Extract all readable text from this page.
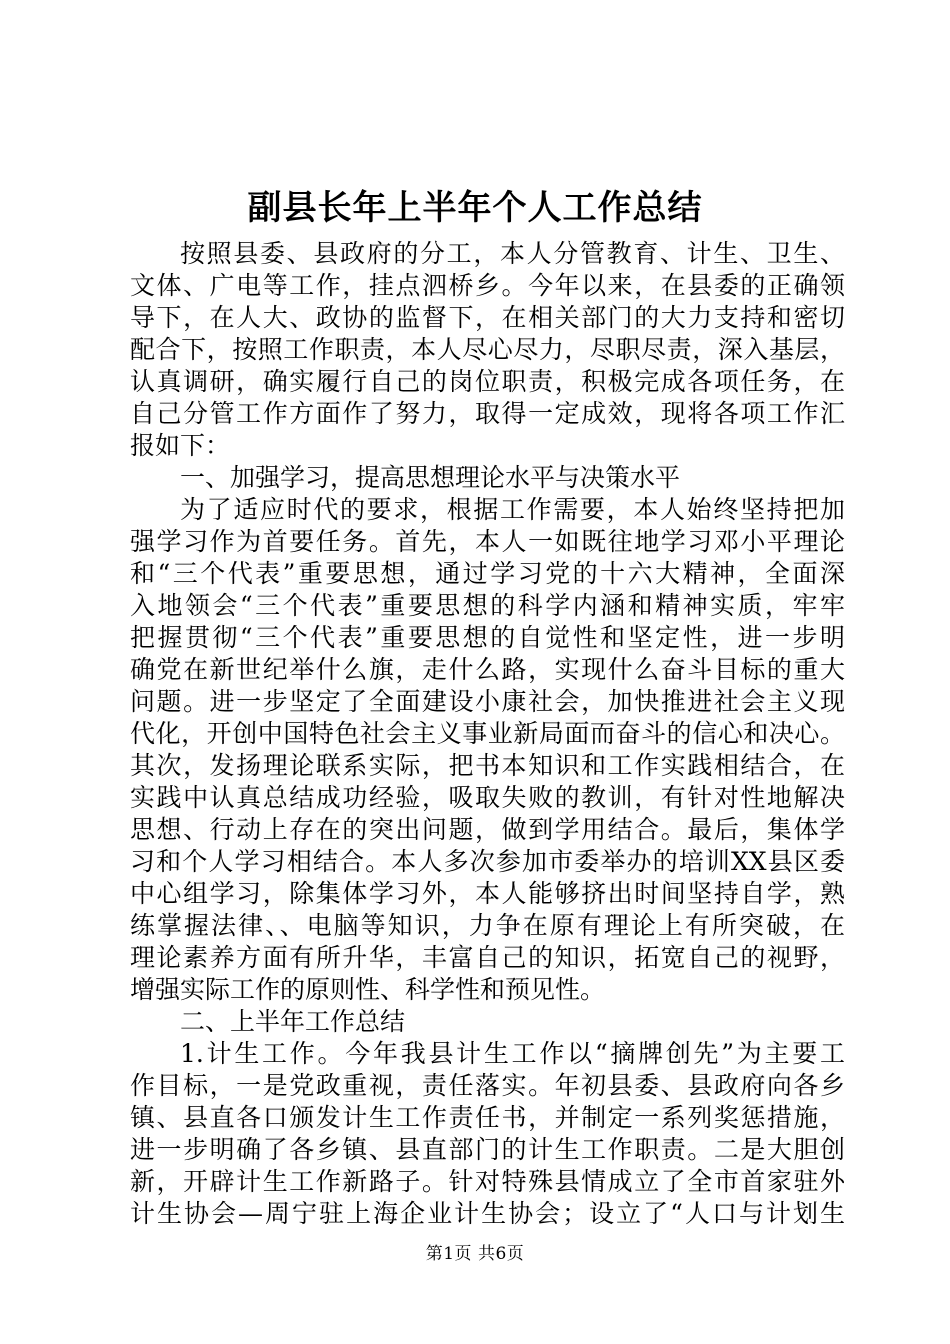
副县长年上半年个人工作总结
按照县委、县政府的分工，本人分管教育、计生、卫生、
文体、广电等工作，挂点泗桥乡。今年以来，在县委的正确领
导下，在人大、政协的监督下，在相关部门的大力支持和密切
配合下，按照工作职责，本人尽心尽力，尽职尽责，深入基层，
认真调研，确实履行自己的岗位职责，积极完成各项任务，在
自己分管工作方面作了努力，取得一定成效，现将各项工作汇
报如下：
一、加强学习，提高思想理论水平与决策水平
为了适应时代的要求，根据工作需要，本人始终坚持把加
强学习作为首要任务。首先，本人一如既往地学习邓小平理论
和“三个代表”重要思想，通过学习党的十六大精神，全面深
入地领会“三个代表”重要思想的科学内涵和精神实质，牢牢
把握贯彻“三个代表”重要思想的自觉性和坚定性，进一步明
确党在新世纪举什么旗，走什么路，实现什么奋斗目标的重大
问题。进一步坚定了全面建设小康社会，加快推进社会主义现
代化，开创中国特色社会主义事业新局面而奋斗的信心和决心。
其次，发扬理论联系实际，把书本知识和工作实践相结合，在
实践中认真总结成功经验，吸取失败的教训，有针对性地解决
思想、行动上存在的突出问题，做到学用结合。最后，集体学
习和个人学习相结合。本人多次参加市委举办的培训XX县区委
中心组学习，除集体学习外，本人能够挤出时间坚持自学，熟
练掌握法律、、电脑等知识，力争在原有理论上有所突破，在
理论素养方面有所升华，丰富自己的知识，拓宽自己的视野，
增强实际工作的原则性、科学性和预见性。
二、上半年工作总结
1.计生工作。今年我县计生工作以“摘牌创先”为主要工
作目标，一是党政重视，责任落实。年初县委、县政府向各乡
镇、县直各口颁发计生工作责任书，并制定一系列奖惩措施，
进一步明确了各乡镇、县直部门的计生工作职责。二是大胆创
新，开辟计生工作新路子。针对特殊县情成立了全市首家驻外
计生协会—周宁驻上海企业计生协会；设立了“人口与计划生
第1页 共6页
